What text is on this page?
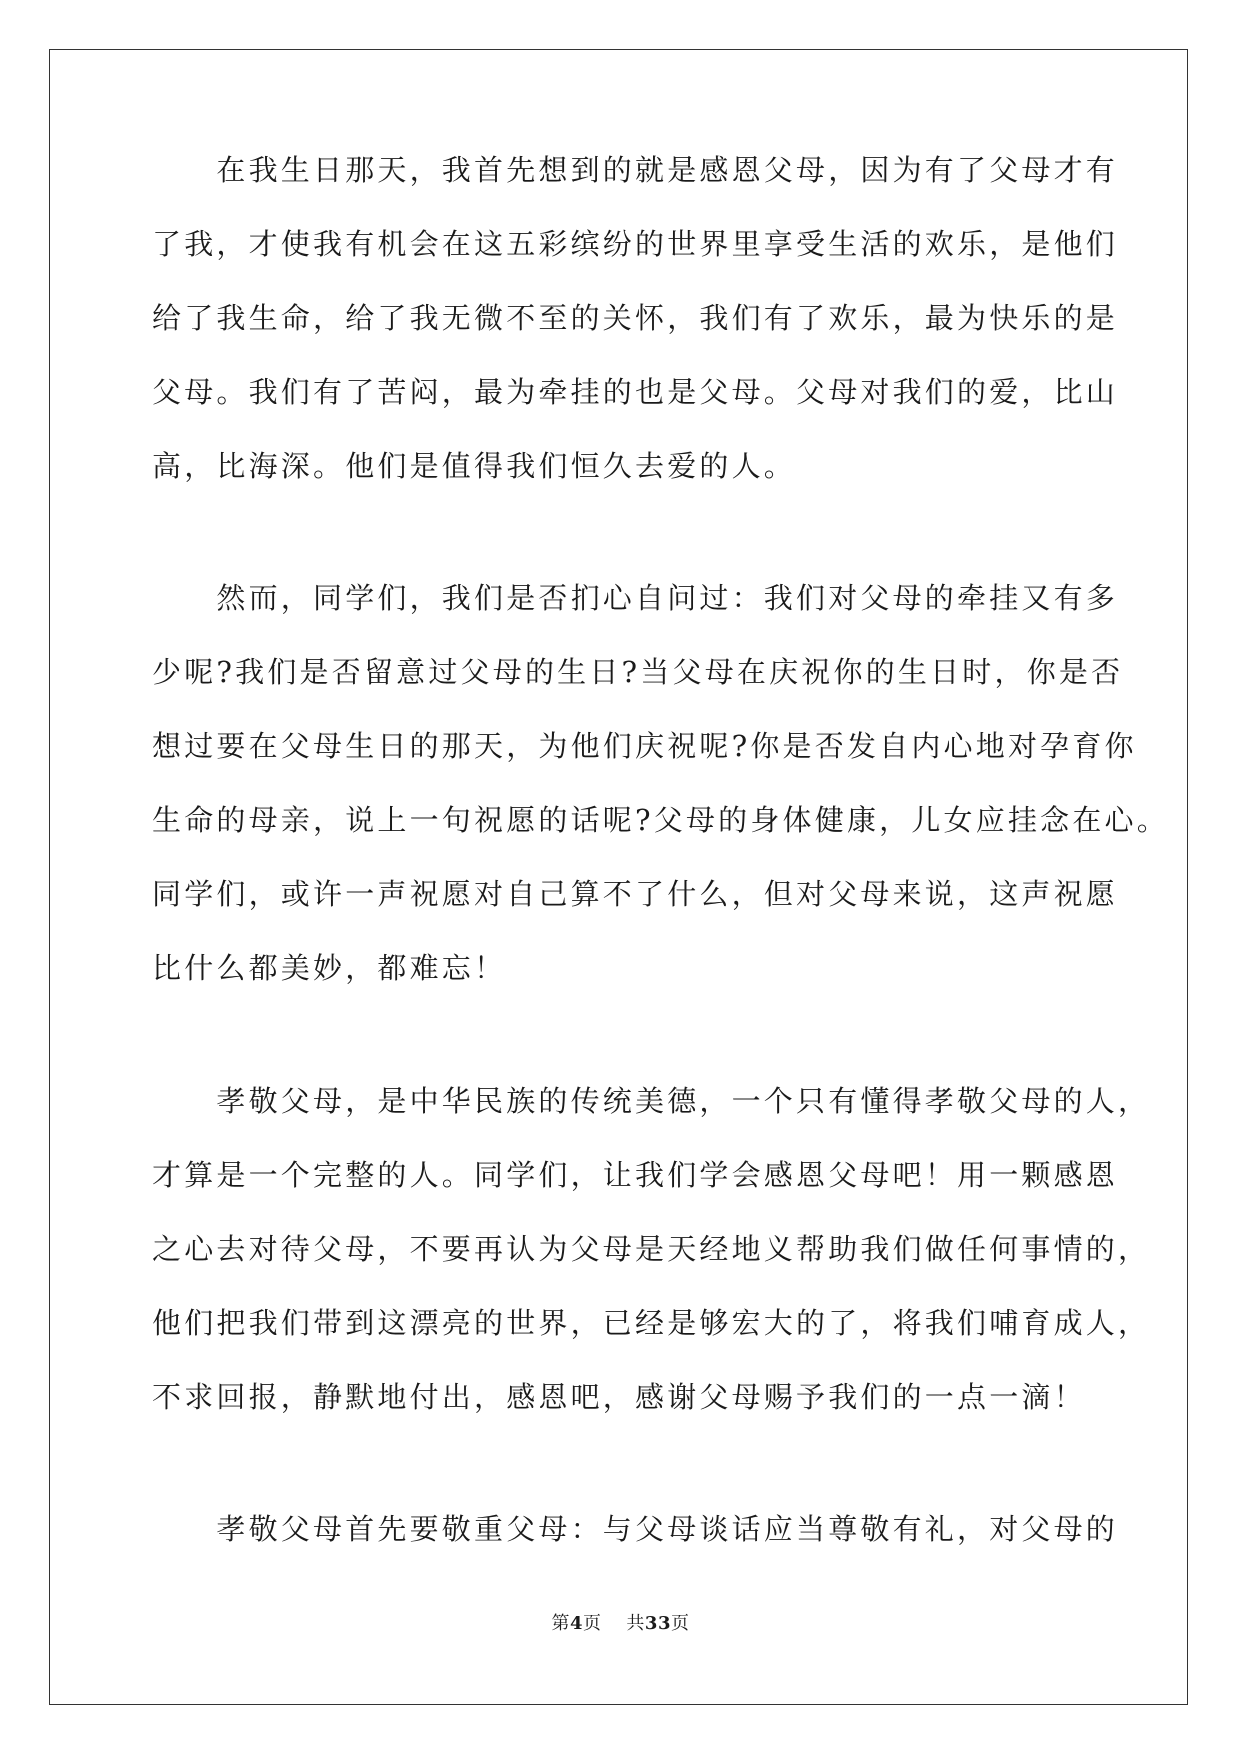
　　在我生日那天，我首先想到的就是感恩父母，因为有了父母才有
了我，才使我有机会在这五彩缤纷的世界里享受生活的欢乐，是他们
给了我生命，给了我无微不至的关怀，我们有了欢乐，最为快乐的是
父母。我们有了苦闷，最为牵挂的也是父母。父母对我们的爱，比山
高，比海深。他们是值得我们恒久去爱的人。
　　然而，同学们，我们是否扪心自问过：我们对父母的牵挂又有多
少呢?我们是否留意过父母的生日?当父母在庆祝你的生日时，你是否
想过要在父母生日的那天，为他们庆祝呢?你是否发自内心地对孕育你
生命的母亲，说上一句祝愿的话呢?父母的身体健康，儿女应挂念在心。
同学们，或许一声祝愿对自己算不了什么，但对父母来说，这声祝愿
比什么都美妙，都难忘！
　　孝敬父母，是中华民族的传统美德，一个只有懂得孝敬父母的人，
才算是一个完整的人。同学们，让我们学会感恩父母吧！用一颗感恩
之心去对待父母，不要再认为父母是天经地义帮助我们做任何事情的，
他们把我们带到这漂亮的世界，已经是够宏大的了，将我们哺育成人，
不求回报，静默地付出，感恩吧，感谢父母赐予我们的一点一滴！
　　孝敬父母首先要敬重父母：与父母谈话应当尊敬有礼，对父母的
第4页 共33页
